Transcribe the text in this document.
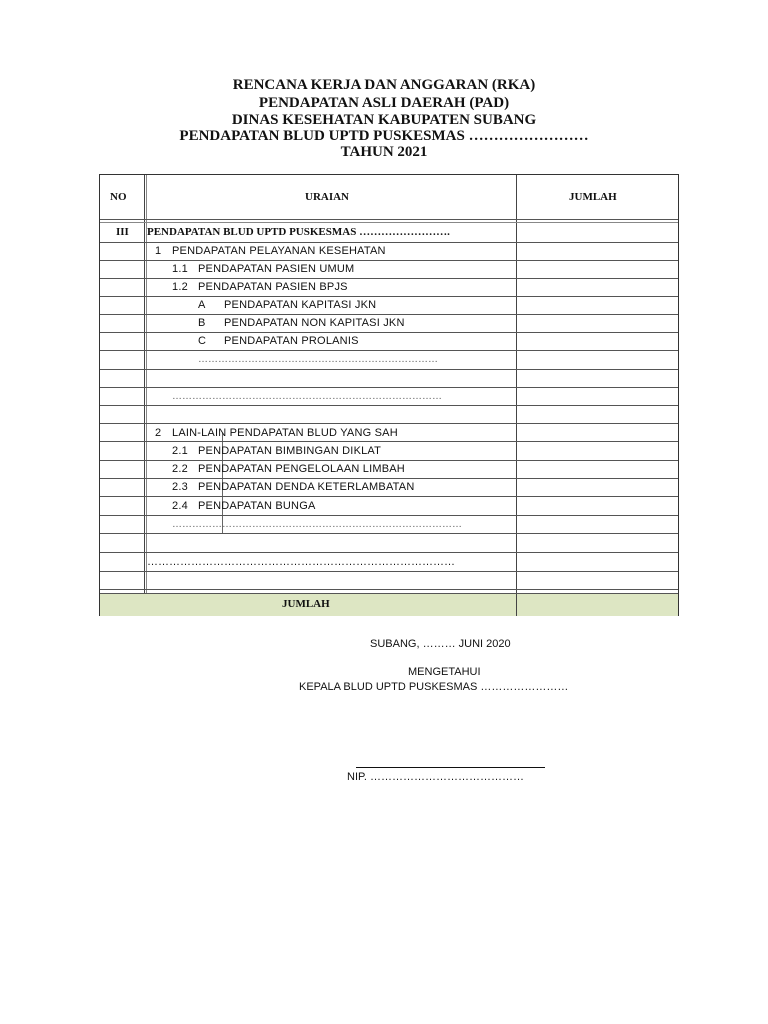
RENCANA KERJA DAN ANGGARAN (RKA)
PENDAPATAN ASLI DAERAH (PAD)
DINAS KESEHATAN KABUPATEN SUBANG
PENDAPATAN BLUD UPTD PUSKESMAS ……………………
TAHUN 2021
NO	URAIAN	JUMLAH
III PENDAPATAN BLUD UPTD PUSKESMAS …………………….
1 PENDAPATAN PELAYANAN KESEHATAN
1.1 PENDAPATAN PASIEN UMUM
1.2 PENDAPATAN PASIEN BPJS
A PENDAPATAN KAPITASI JKN
B PENDAPATAN NON KAPITASI JKN
C PENDAPATAN PROLANIS
………………………………………………………………
………………………………………………………………………
2 LAIN-LAIN PENDAPATAN BLUD YANG SAH
2.1 PENDAPATAN BIMBINGAN DIKLAT
2.2 PENDAPATAN PENGELOLAAN LIMBAH
2.3 PENDAPATAN DENDA KETERLAMBATAN
2.4 PENDAPATAN BUNGA
……………………………………………………………………………
…………………………………………………………………………
JUMLAH
SUBANG, ……… JUNI 2020
MENGETAHUI
KEPALA BLUD UPTD PUSKESMAS ……………………
NIP. ……………………………………
